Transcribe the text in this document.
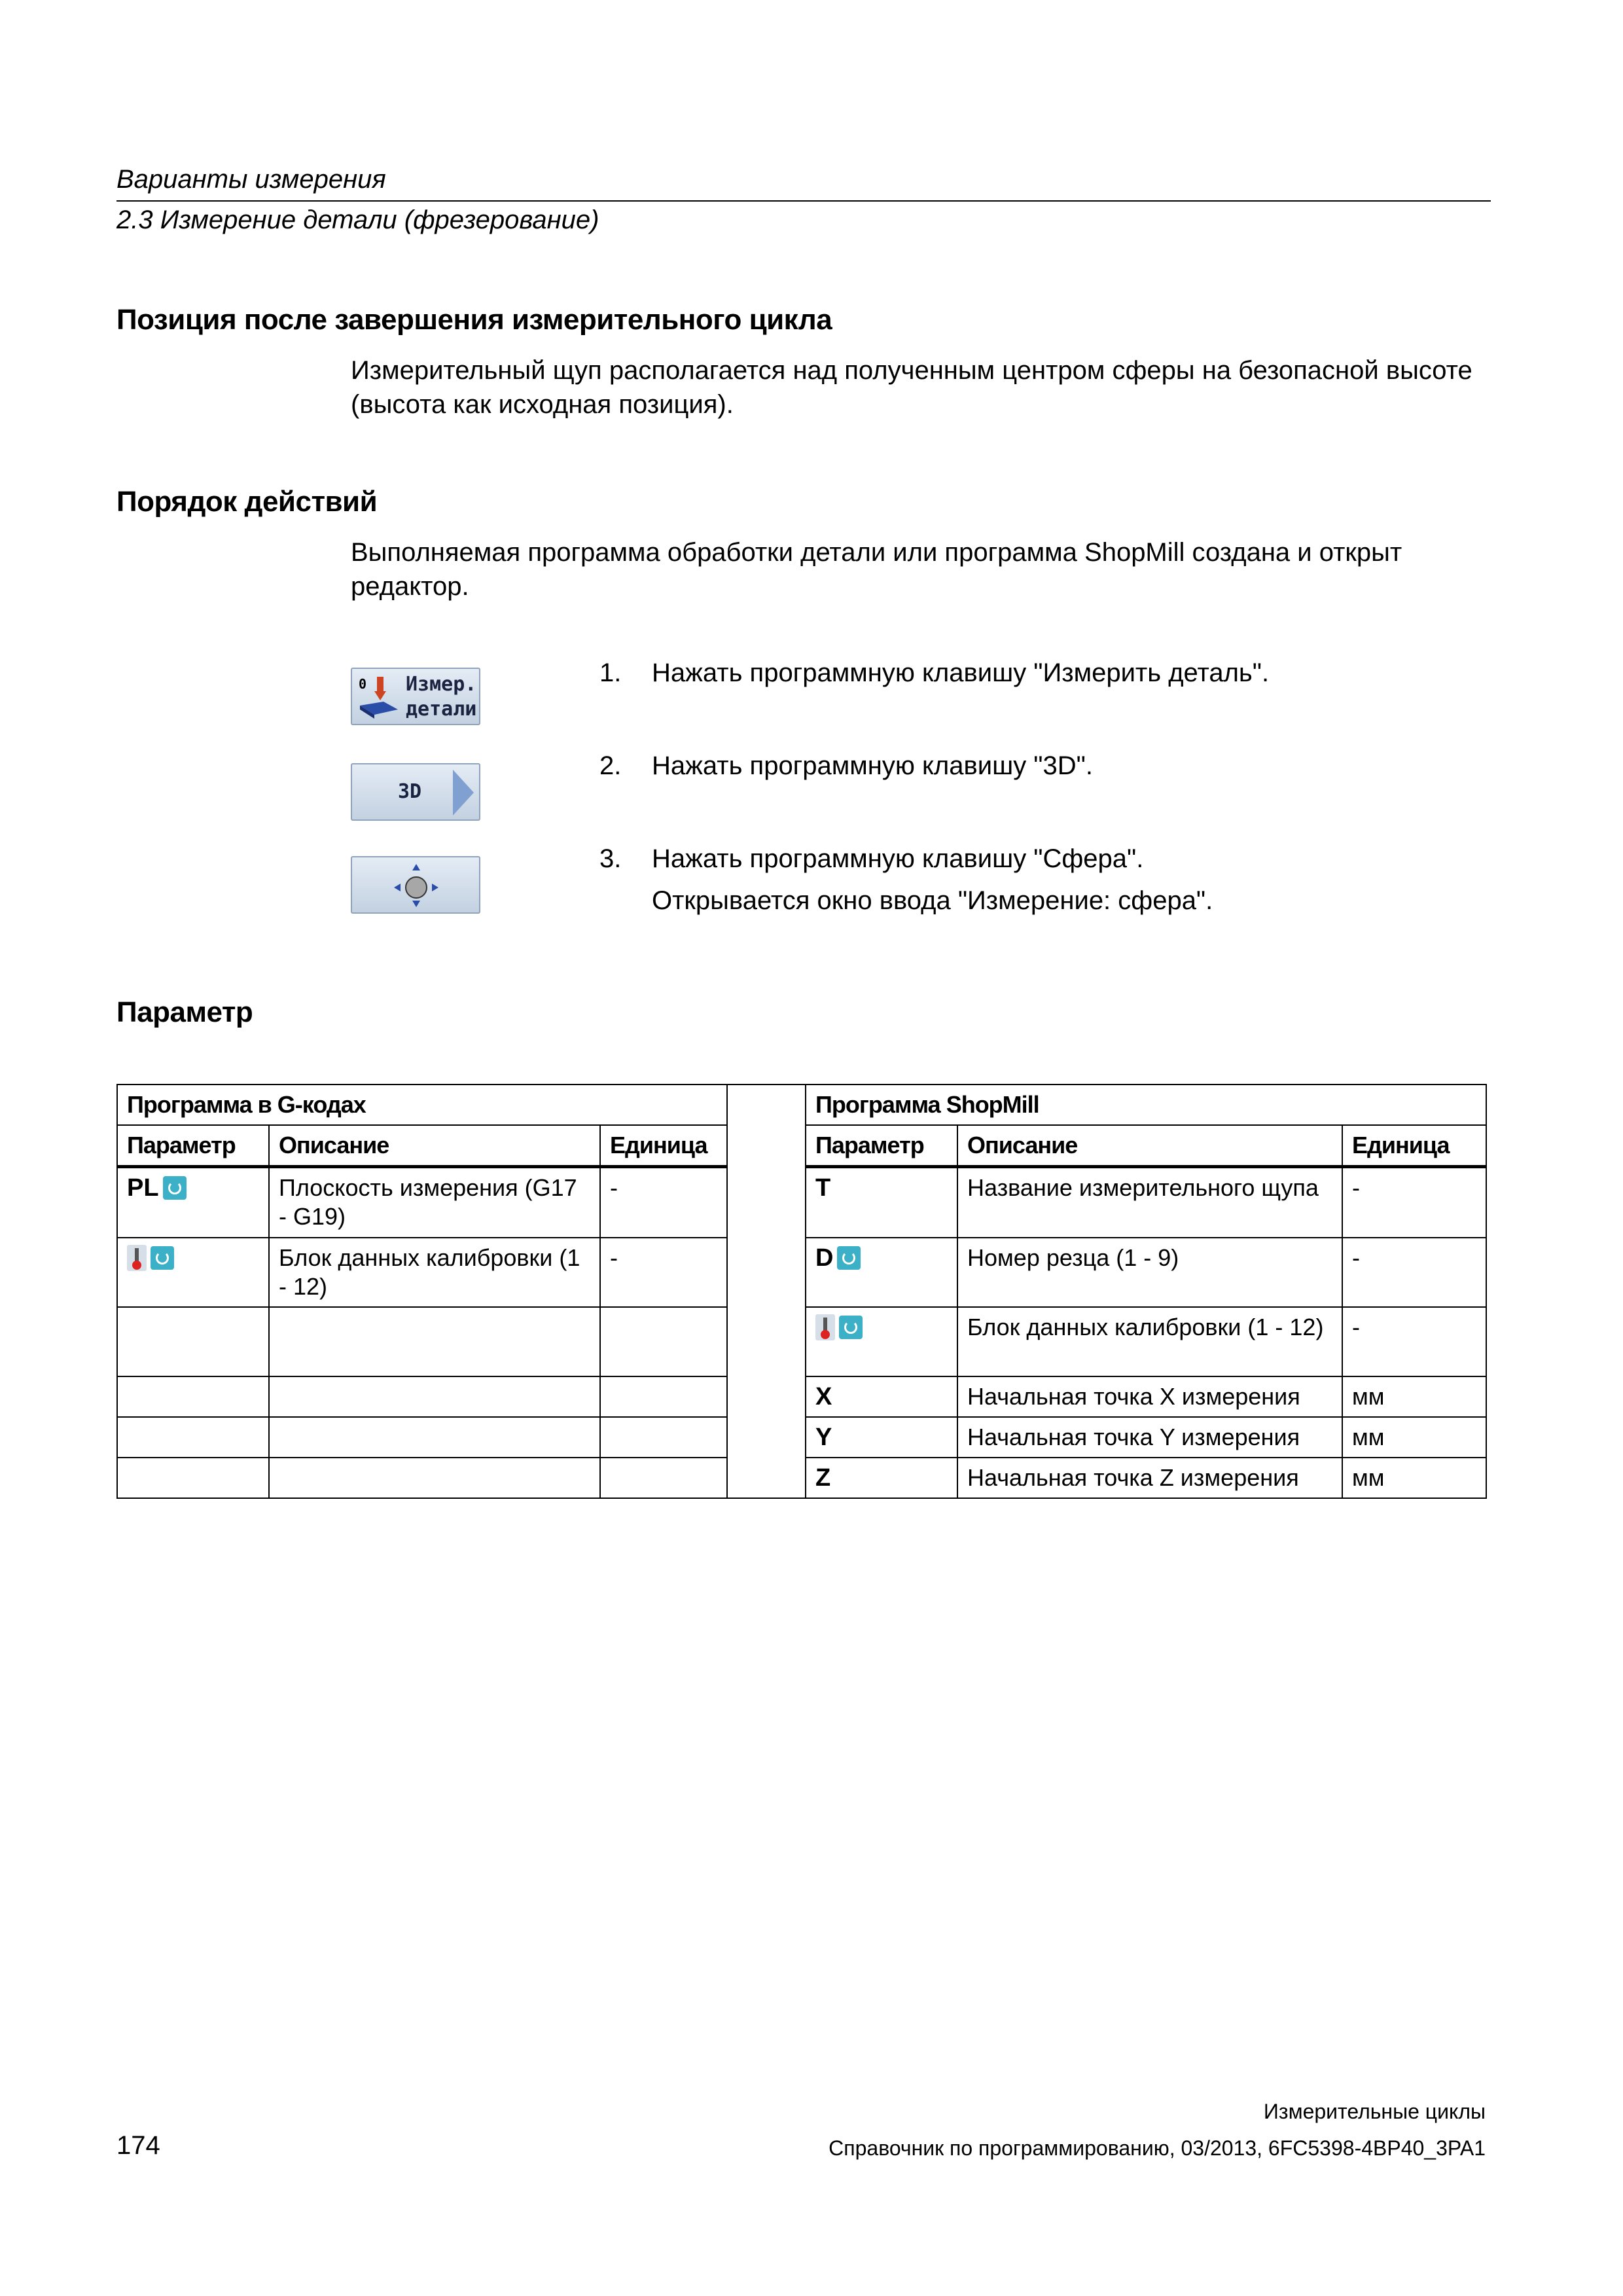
Варианты измерения
2.3 Измерение детали (фрезерование)
Позиция после завершения измерительного цикла
Измерительный щуп располагается над полученным центром сферы на безопасной высоте (высота как исходная позиция).
Порядок действий
Выполняемая программа обработки детали или программа ShopMill создана и открыт редактор.
0 Измер.
детали
1. Нажать программную клавишу "Измерить деталь".
3D
2. Нажать программную клавишу "3D".
3. Нажать программную клавишу "Сфера".
Открывается окно ввода "Измерение: сфера".
Параметр
Программа в G-кодах				Программа ShopMill		
Параметр	Описание	Единица		Параметр	Описание	Единица
PL	Плоскость измерения (G17 - G19)	-		T	Название измерительного щупа	-
	Блок данных калибровки (1 - 12)	-		D	Номер резца (1 - 9)	-
					Блок данных калибровки (1 - 12)	-
				X	Начальная точка X измерения	мм
				Y	Начальная точка Y измерения	мм
				Z	Начальная точка Z измерения	мм
Измерительные циклы
174	Справочник по программированию, 03/2013, 6FC5398-4BP40_3PA1
